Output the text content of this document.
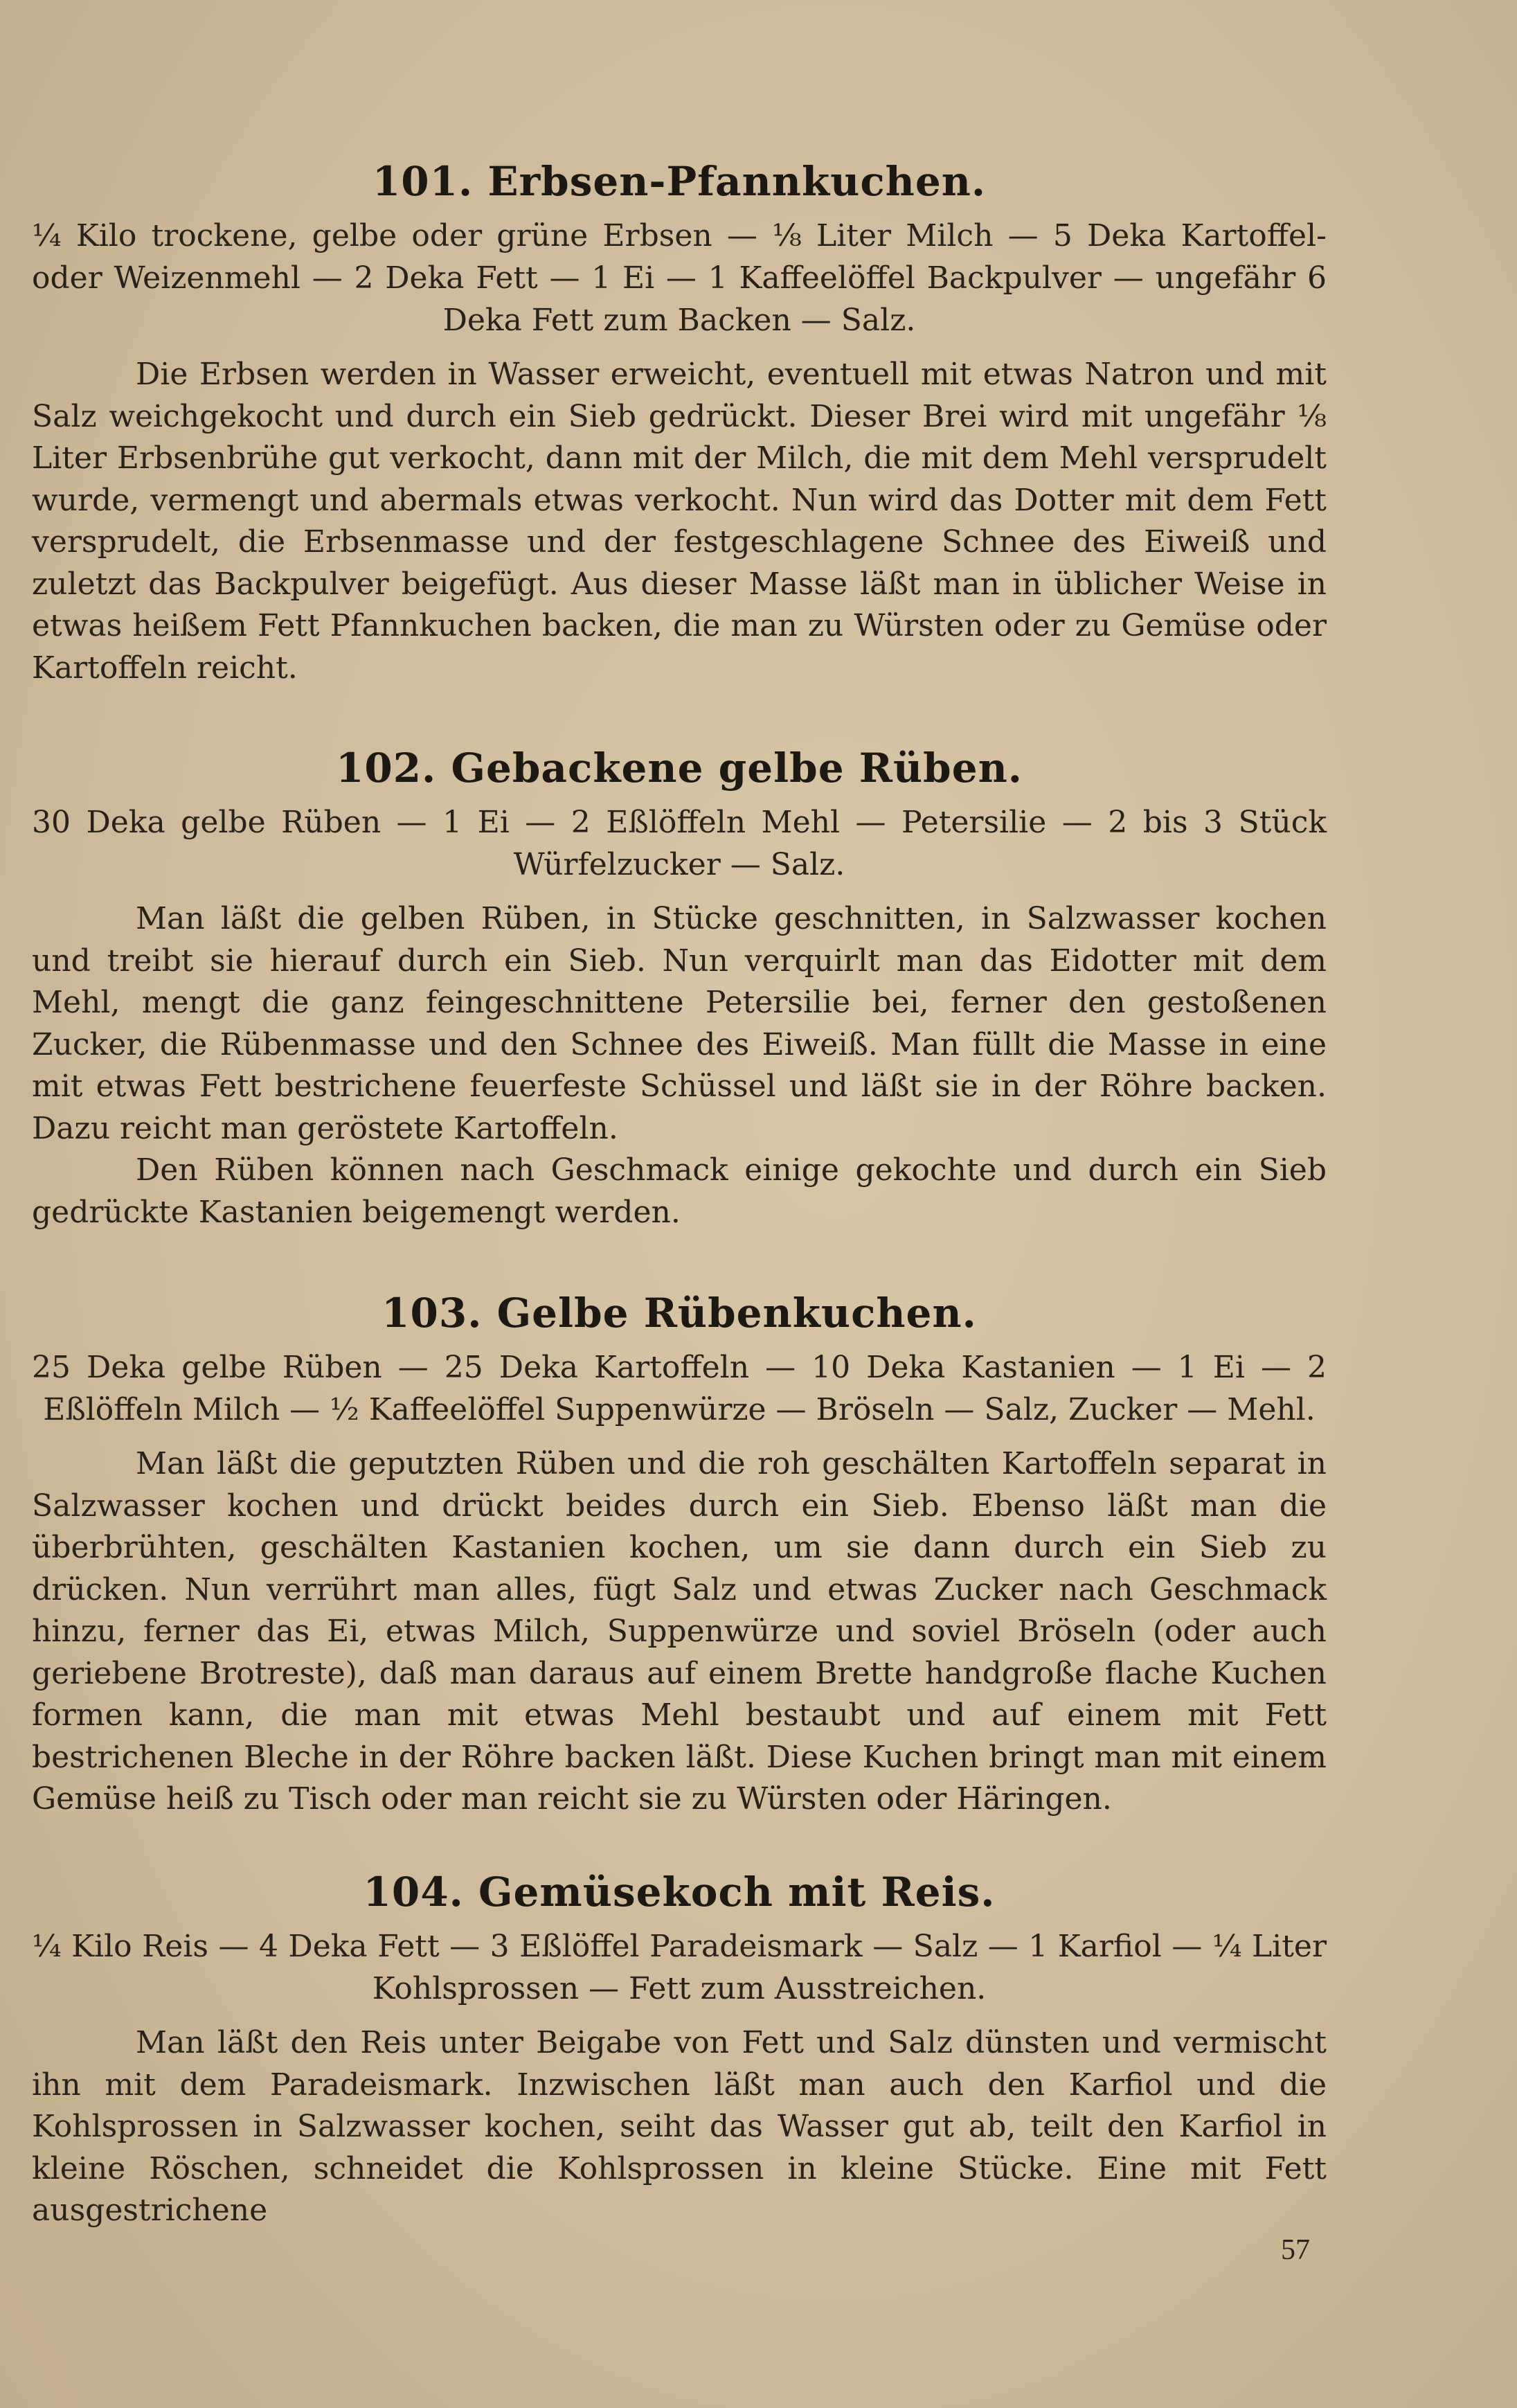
101. Erbsen-Pfannkuchen.

¼ Kilo trockene, gelbe oder grüne Erbsen — ⅛ Liter Milch — 5 Deka Kartoffel- oder Weizenmehl — 2 Deka Fett — 1 Ei — 1 Kaffeelöffel Backpulver — ungefähr 6 Deka Fett zum Backen — Salz.

Die Erbsen werden in Wasser erweicht, eventuell mit etwas Natron und mit Salz weichgekocht und durch ein Sieb gedrückt. Dieser Brei wird mit ungefähr ⅛ Liter Erbsenbrühe gut verkocht, dann mit der Milch, die mit dem Mehl versprudelt wurde, vermengt und abermals etwas verkocht. Nun wird das Dotter mit dem Fett versprudelt, die Erbsenmasse und der festgeschlagene Schnee des Eiweiß und zuletzt das Backpulver beigefügt. Aus dieser Masse läßt man in üblicher Weise in etwas heißem Fett Pfannkuchen backen, die man zu Würsten oder zu Gemüse oder Kartoffeln reicht.

102. Gebackene gelbe Rüben.

30 Deka gelbe Rüben — 1 Ei — 2 Eßlöffeln Mehl — Petersilie — 2 bis 3 Stück Würfelzucker — Salz.

Man läßt die gelben Rüben, in Stücke geschnitten, in Salzwasser kochen und treibt sie hierauf durch ein Sieb. Nun verquirlt man das Eidotter mit dem Mehl, mengt die ganz feingeschnittene Petersilie bei, ferner den gestoßenen Zucker, die Rübenmasse und den Schnee des Eiweiß. Man füllt die Masse in eine mit etwas Fett bestrichene feuerfeste Schüssel und läßt sie in der Röhre backen. Dazu reicht man geröstete Kartoffeln.

Den Rüben können nach Geschmack einige gekochte und durch ein Sieb gedrückte Kastanien beigemengt werden.

103. Gelbe Rübenkuchen.

25 Deka gelbe Rüben — 25 Deka Kartoffeln — 10 Deka Kastanien — 1 Ei — 2 Eßlöffeln Milch — ½ Kaffeelöffel Suppenwürze — Bröseln — Salz, Zucker — Mehl.

Man läßt die geputzten Rüben und die roh geschälten Kartoffeln separat in Salzwasser kochen und drückt beides durch ein Sieb. Ebenso läßt man die überbrühten, geschälten Kastanien kochen, um sie dann durch ein Sieb zu drücken. Nun verrührt man alles, fügt Salz und etwas Zucker nach Geschmack hinzu, ferner das Ei, etwas Milch, Suppenwürze und soviel Bröseln (oder auch geriebene Brotreste), daß man daraus auf einem Brette handgroße flache Kuchen formen kann, die man mit etwas Mehl bestaubt und auf einem mit Fett bestrichenen Bleche in der Röhre backen läßt. Diese Kuchen bringt man mit einem Gemüse heiß zu Tisch oder man reicht sie zu Würsten oder Häringen.

104. Gemüsekoch mit Reis.

¼ Kilo Reis — 4 Deka Fett — 3 Eßlöffel Paradeismark — Salz — 1 Karfiol — ¼ Liter Kohlsprossen — Fett zum Ausstreichen.

Man läßt den Reis unter Beigabe von Fett und Salz dünsten und vermischt ihn mit dem Paradeismark. Inzwischen läßt man auch den Karfiol und die Kohlsprossen in Salzwasser kochen, seiht das Wasser gut ab, teilt den Karfiol in kleine Röschen, schneidet die Kohlsprossen in kleine Stücke. Eine mit Fett ausgestrichene

57
